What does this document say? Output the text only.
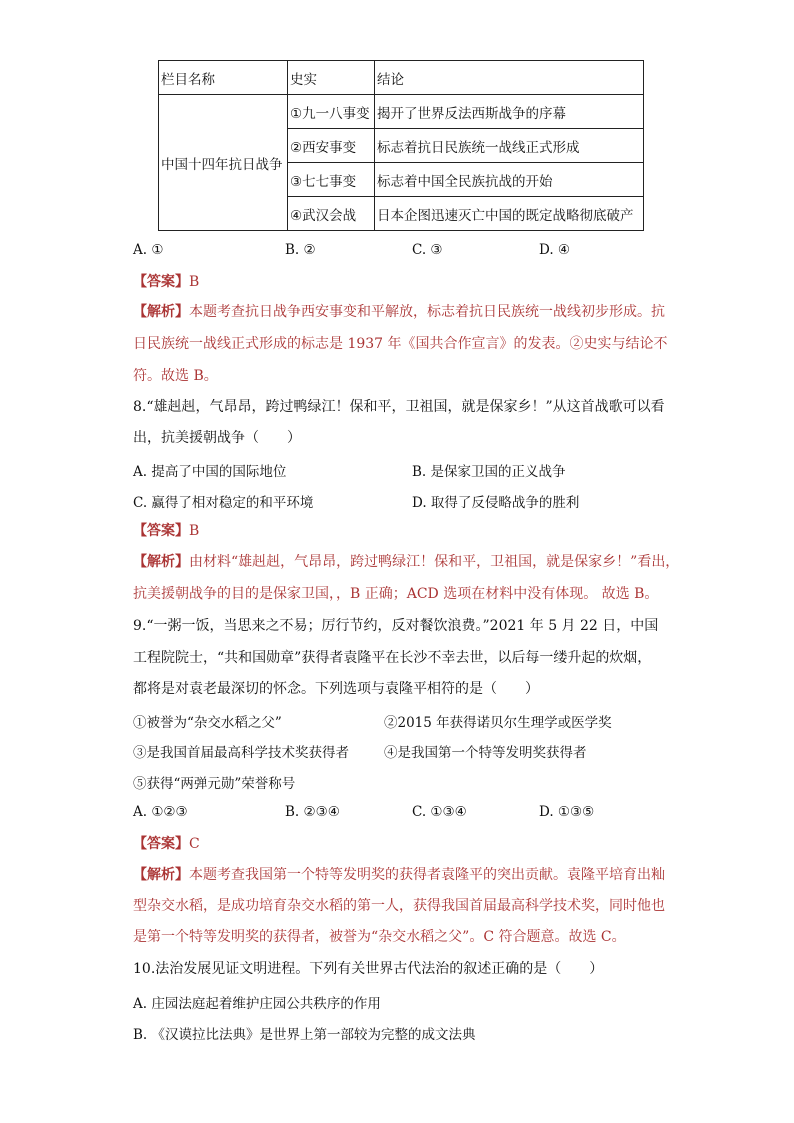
栏目名称	史实	结论
中国十四年抗日战争	①九一八事变	揭开了世界反法西斯战争的序幕
	②西安事变	标志着抗日民族统一战线正式形成
	③七七事变	标志着中国全民族抗战的开始
	④武汉会战	日本企图迅速灭亡中国的既定战略彻底破产
A. ①	B. ②	C. ③	D. ④
【答案】B
【解析】本题考查抗日战争西安事变和平解放，标志着抗日民族统一战线初步形成。抗
日民族统一战线正式形成的标志是 1937 年《国共合作宣言》的发表。②史实与结论不
符。故选 B。
8.“雄赳赳，气昂昂，跨过鸭绿江！保和平，卫祖国，就是保家乡！”从这首战歌可以看
出，抗美援朝战争（　　）
A. 提高了中国的国际地位	B. 是保家卫国的正义战争
C. 赢得了相对稳定的和平环境	D. 取得了反侵略战争的胜利
【答案】B
【解析】由材料“雄赳赳，气昂昂，跨过鸭绿江！保和平，卫祖国，就是保家乡！”看出，
抗美援朝战争的目的是保家卫国，，B 正确；ACD 选项在材料中没有体现。 故选 B。
9.“一粥一饭，当思来之不易；厉行节约，反对餐饮浪费。”2021 年 5 月 22 日，中国
工程院院士，“共和国勋章”获得者袁隆平在长沙不幸去世，以后每一缕升起的炊烟，
都将是对袁老最深切的怀念。下列选项与袁隆平相符的是（　　）
①被誉为“杂交水稻之父”	②2015 年获得诺贝尔生理学或医学奖
③是我国首届最高科学技术奖获得者	④是我国第一个特等发明奖获得者
⑤获得“两弹元勋”荣誉称号
A. ①②③	B. ②③④	C. ①③④	D. ①③⑤
【答案】C
【解析】本题考查我国第一个特等发明奖的获得者袁隆平的突出贡献。袁隆平培育出籼
型杂交水稻，是成功培育杂交水稻的第一人，获得我国首届最高科学技术奖，同时他也
是第一个特等发明奖的获得者，被誉为“杂交水稻之父”。C 符合题意。故选 C。
10.法治发展见证文明进程。下列有关世界古代法治的叙述正确的是（　　）
A. 庄园法庭起着维护庄园公共秩序的作用
B. 《汉谟拉比法典》是世界上第一部较为完整的成文法典
